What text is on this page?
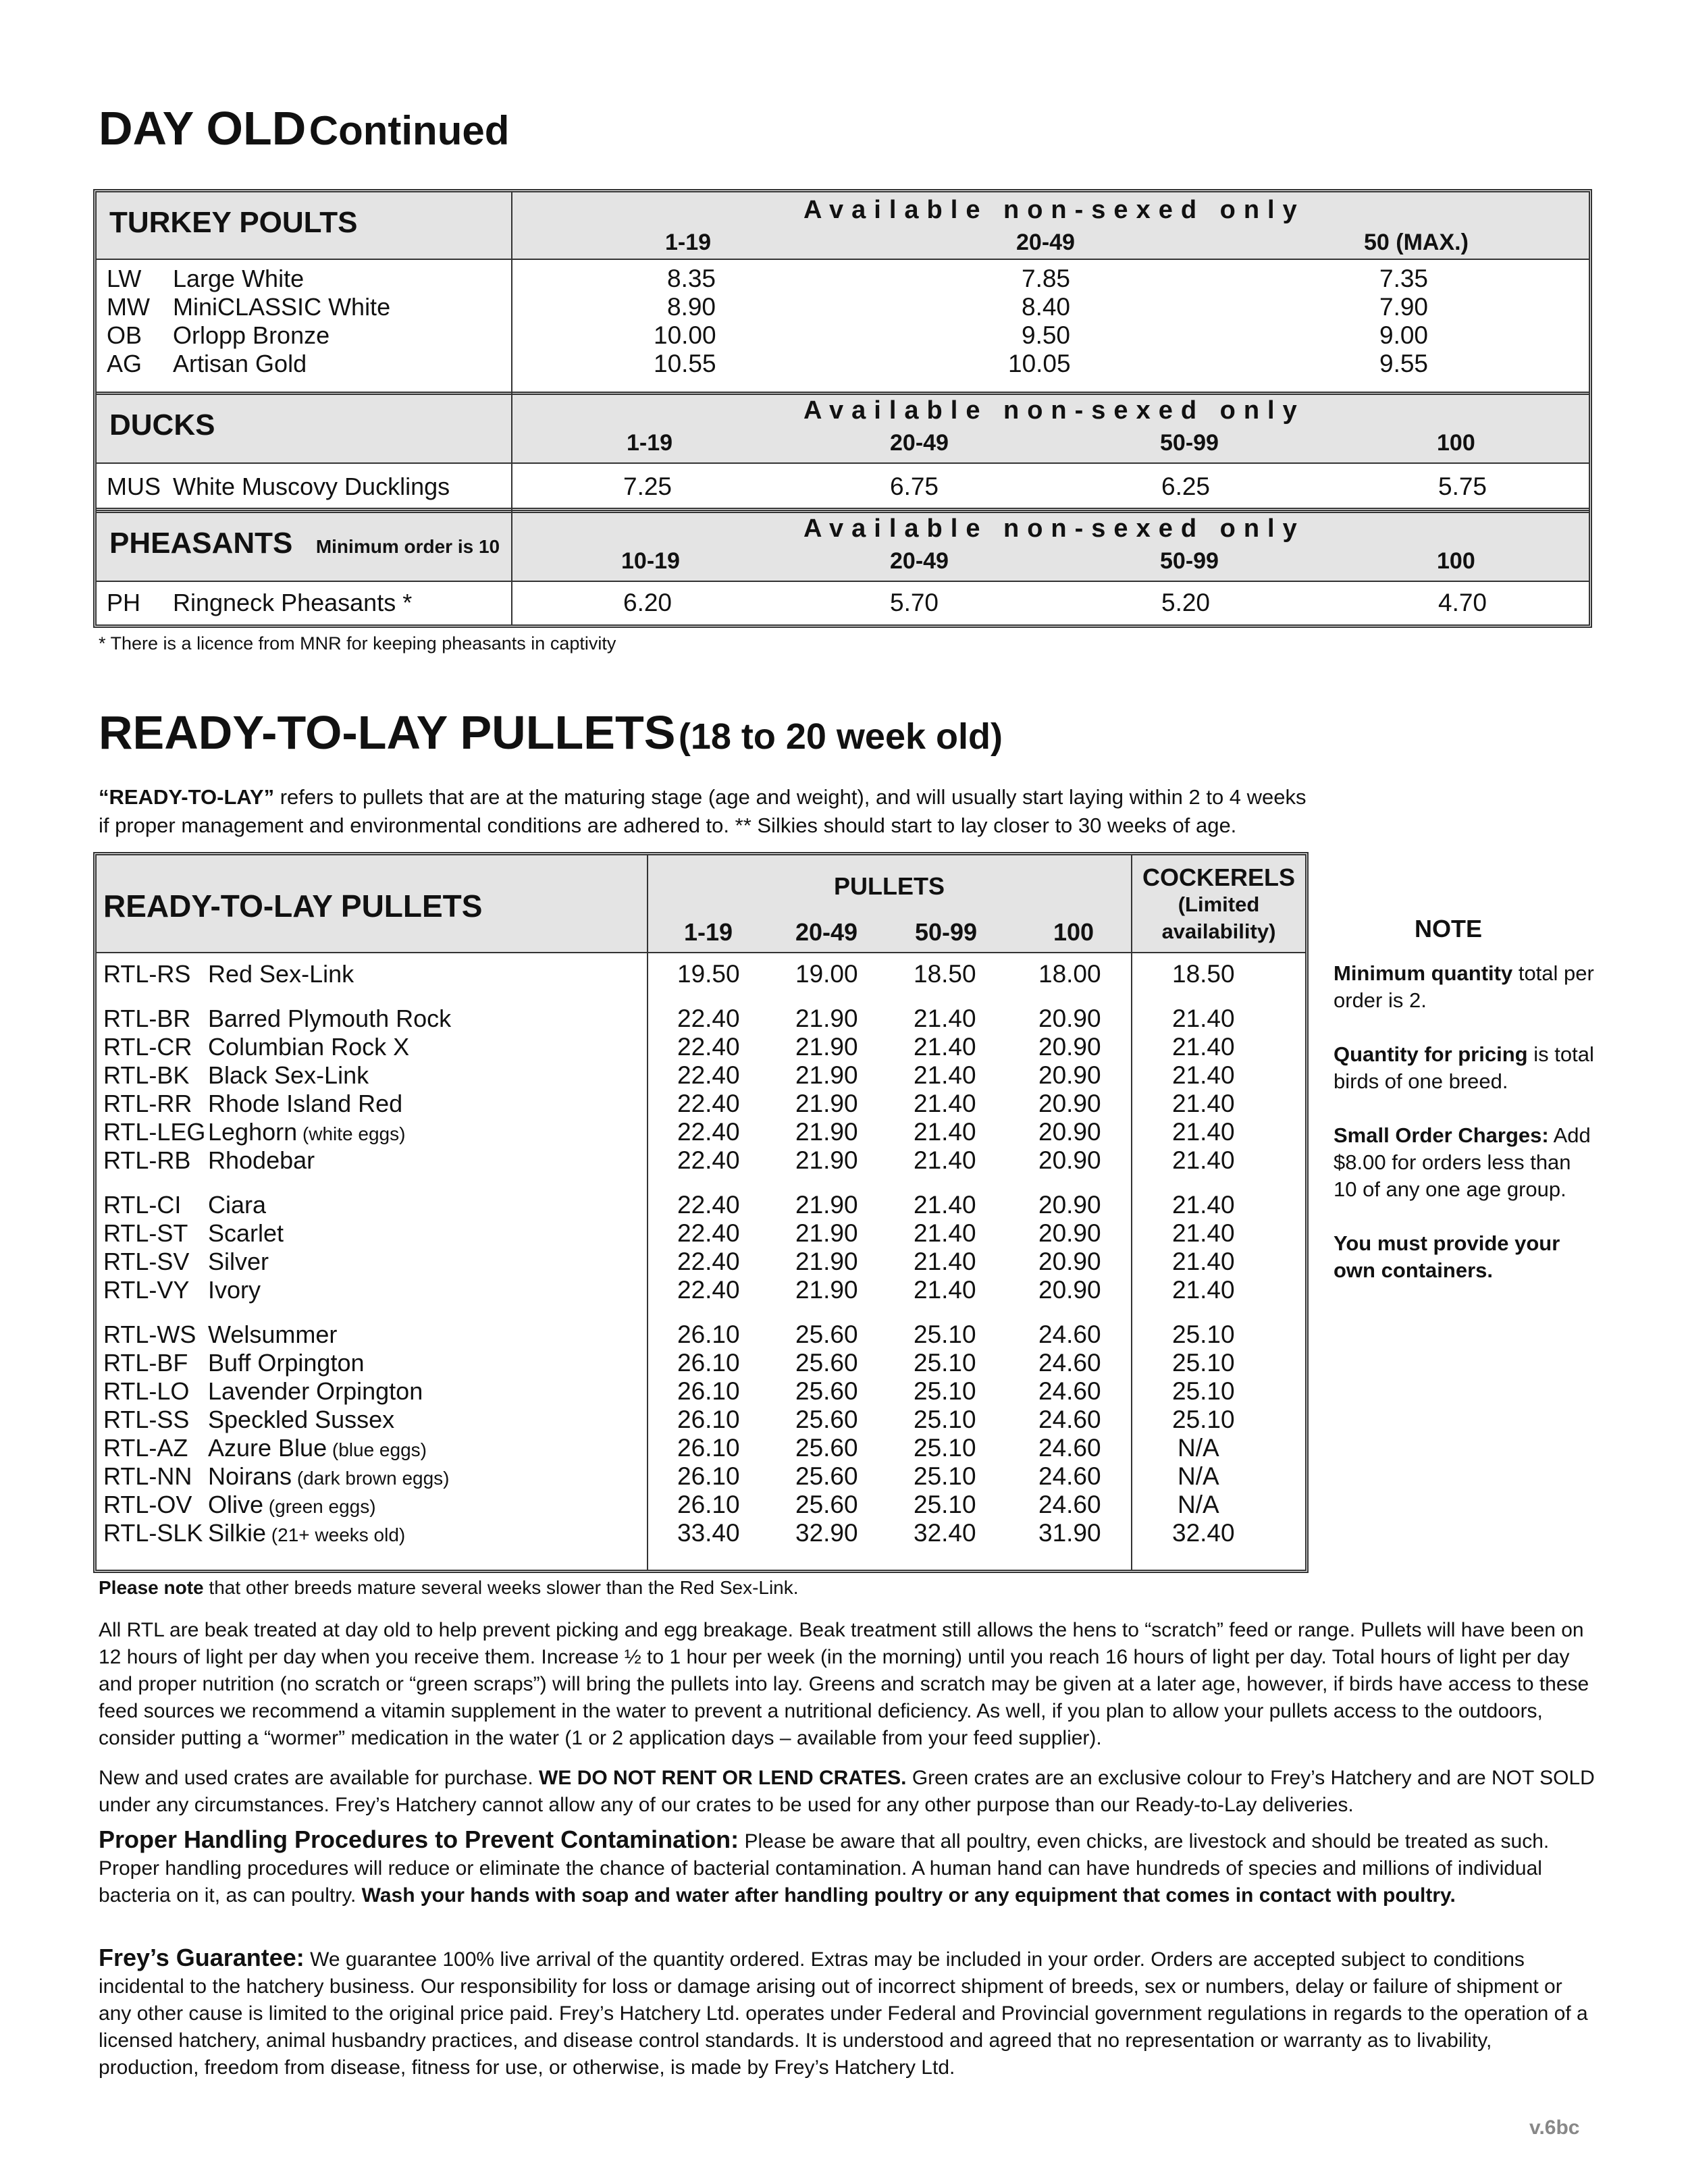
DAY OLD Continued
TURKEY POULTS	Available non-sexed only
1-19	20-49	50 (MAX.)
LW Large White	8.35	7.85	7.35
MW MiniCLASSIC White	8.90	8.40	7.90
OB Orlopp Bronze	10.00	9.50	9.00
AG Artisan Gold	10.55	10.05	9.55
DUCKS	Available non-sexed only
1-19	20-49	50-99	100
MUS White Muscovy Ducklings	7.25	6.75	6.25	5.75
PHEASANTS Minimum order is 10
Available non-sexed only
10-19	20-49	50-99	100
PH Ringneck Pheasants *	6.20	5.70	5.20	4.70
* There is a licence from MNR for keeping pheasants in captivity
READY-TO-LAY PULLETS (18 to 20 week old)
“READY-TO-LAY” refers to pullets that are at the maturing stage (age and weight), and will usually start laying within 2 to 4 weeks
if proper management and environmental conditions are adhered to. ** Silkies should start to lay closer to 30 weeks of age.
READY-TO-LAY PULLETS
PULLETS
1-19	20-49 50-99	100
COCKERELS
(Limited
availability)
RTL-RS Red Sex-Link	19.50 19.00 18.50 18.00	18.50
RTL-BR Barred Plymouth Rock	22.40 21.90 21.40 20.90	21.40
RTL-CR Columbian Rock X	22.40 21.90 21.40 20.90	21.40
RTL-BK Black Sex-Link	22.40 21.90 21.40 20.90	21.40
RTL-RR Rhode Island Red	22.40 21.90 21.40 20.90	21.40
RTL-LEG Leghorn (white eggs)	22.40 21.90 21.40 20.90	21.40
RTL-RB Rhodebar	22.40 21.90 21.40 20.90	21.40
RTL-CI Ciara	22.40 21.90 21.40 20.90	21.40
RTL-ST Scarlet	22.40 21.90 21.40 20.90	21.40
RTL-SV Silver	22.40 21.90 21.40 20.90	21.40
RTL-VY Ivory	22.40 21.90 21.40 20.90	21.40
RTL-WS Welsummer	26.10 25.60 25.10 24.60	25.10
RTL-BF Buff Orpington	26.10 25.60 25.10 24.60	25.10
RTL-LO Lavender Orpington	26.10 25.60 25.10 24.60	25.10
RTL-SS Speckled Sussex	26.10 25.60 25.10 24.60	25.10
RTL-AZ Azure Blue (blue eggs)	26.10 25.60 25.10 24.60	N/A
RTL-NN Noirans (dark brown eggs)	26.10 25.60 25.10 24.60	N/A
RTL-OV Olive (green eggs)	26.10 25.60 25.10 24.60	N/A
RTL-SLK Silkie (21+ weeks old)	33.40 32.90 32.40 31.90	32.40
NOTE
Minimum quantity total per order is 2.
Quantity for pricing is total birds of one breed.
Small Order Charges: Add $8.00 for orders less than 10 of any one age group.
You must provide your own containers.
Please note that other breeds mature several weeks slower than the Red Sex-Link.

All RTL are beak treated at day old to help prevent picking and egg breakage. Beak treatment still allows the hens to “scratch” feed or range. Pullets will have been on 12 hours of light per day when you receive them. Increase ½ to 1 hour per week (in the morning) until you reach 16 hours of light per day. Total hours of light per day and proper nutrition (no scratch or “green scraps”) will bring the pullets into lay. Greens and scratch may be given at a later age, however, if birds have access to these feed sources we recommend a vitamin supplement in the water to prevent a nutritional deficiency. As well, if you plan to allow your pullets access to the outdoors, consider putting a “wormer” medication in the water (1 or 2 application days – available from your feed supplier).

New and used crates are available for purchase. WE DO NOT RENT OR LEND CRATES. Green crates are an exclusive colour to Frey’s Hatchery and are NOT SOLD under any circumstances. Frey’s Hatchery cannot allow any of our crates to be used for any other purpose than our Ready-to-Lay deliveries.

Proper Handling Procedures to Prevent Contamination: Please be aware that all poultry, even chicks, are livestock and should be treated as such. Proper handling procedures will reduce or eliminate the chance of bacterial contamination. A human hand can have hundreds of species and millions of individual bacteria on it, as can poultry. Wash your hands with soap and water after handling poultry or any equipment that comes in contact with poultry.

Frey’s Guarantee: We guarantee 100% live arrival of the quantity ordered. Extras may be included in your order. Orders are accepted subject to conditions incidental to the hatchery business. Our responsibility for loss or damage arising out of incorrect shipment of breeds, sex or numbers, delay or failure of shipment or any other cause is limited to the original price paid. Frey’s Hatchery Ltd. operates under Federal and Provincial government regulations in regards to the operation of a licensed hatchery, animal husbandry practices, and disease control standards. It is understood and agreed that no representation or warranty as to livability, production, freedom from disease, fitness for use, or otherwise, is made by Frey’s Hatchery Ltd.

v.6bc
